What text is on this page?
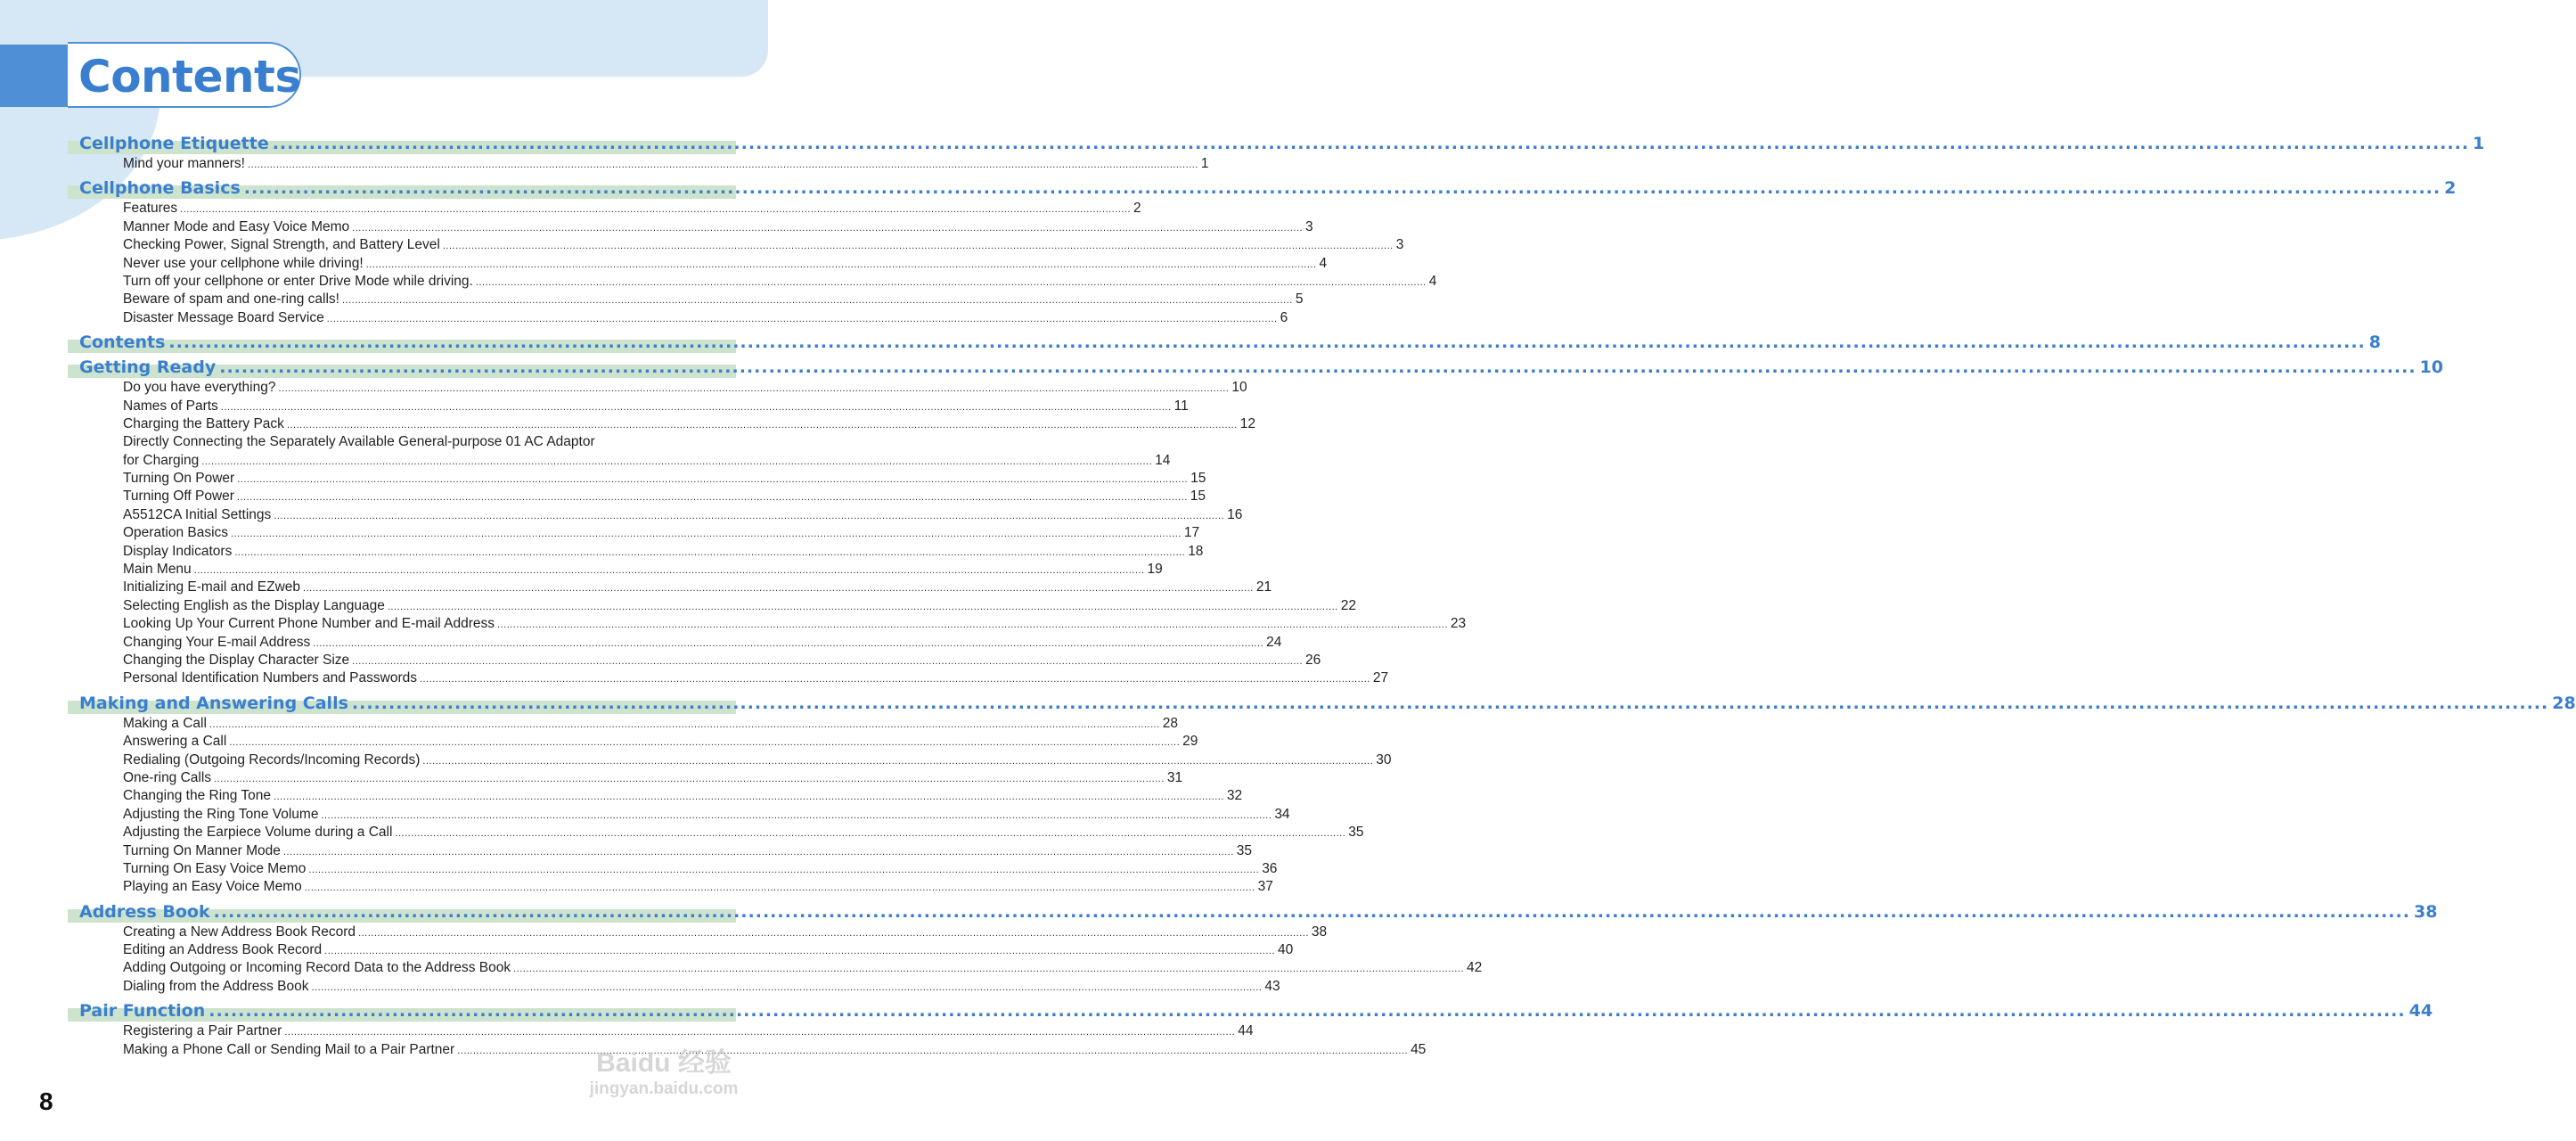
Contents
Cellphone Etiquette ............................................................................................................................................................................................................................................................................................................ 1
Mind your manners! ............................................................................................................................................................................................................................................................................................................ 1
Cellphone Basics ............................................................................................................................................................................................................................................................................................................ 2
Features ............................................................................................................................................................................................................................................................................................................ 2
Manner Mode and Easy Voice Memo ............................................................................................................................................................................................................................................................................................................ 3
Checking Power, Signal Strength, and Battery Level ............................................................................................................................................................................................................................................................................................................ 3
Never use your cellphone while driving! ............................................................................................................................................................................................................................................................................................................ 4
Turn off your cellphone or enter Drive Mode while driving. ............................................................................................................................................................................................................................................................................................................ 4
Beware of spam and one-ring calls! ............................................................................................................................................................................................................................................................................................................ 5
Disaster Message Board Service ............................................................................................................................................................................................................................................................................................................ 6
Contents ............................................................................................................................................................................................................................................................................................................ 8
Getting Ready ............................................................................................................................................................................................................................................................................................................ 10
Do you have everything? ............................................................................................................................................................................................................................................................................................................ 10
Names of Parts ............................................................................................................................................................................................................................................................................................................ 11
Charging the Battery Pack ............................................................................................................................................................................................................................................................................................................ 12
Directly Connecting the Separately Available General-purpose 01 AC Adaptor
for Charging ............................................................................................................................................................................................................................................................................................................ 14
Turning On Power ............................................................................................................................................................................................................................................................................................................ 15
Turning Off Power ............................................................................................................................................................................................................................................................................................................ 15
A5512CA Initial Settings ............................................................................................................................................................................................................................................................................................................ 16
Operation Basics ............................................................................................................................................................................................................................................................................................................ 17
Display Indicators ............................................................................................................................................................................................................................................................................................................ 18
Main Menu ............................................................................................................................................................................................................................................................................................................ 19
Initializing E-mail and EZweb ............................................................................................................................................................................................................................................................................................................ 21
Selecting English as the Display Language ............................................................................................................................................................................................................................................................................................................ 22
Looking Up Your Current Phone Number and E-mail Address ............................................................................................................................................................................................................................................................................................................ 23
Changing Your E-mail Address ............................................................................................................................................................................................................................................................................................................ 24
Changing the Display Character Size ............................................................................................................................................................................................................................................................................................................ 26
Personal Identification Numbers and Passwords ............................................................................................................................................................................................................................................................................................................ 27
Making and Answering Calls ............................................................................................................................................................................................................................................................................................................ 28
Making a Call ............................................................................................................................................................................................................................................................................................................ 28
Answering a Call ............................................................................................................................................................................................................................................................................................................ 29
Redialing (Outgoing Records/Incoming Records) ............................................................................................................................................................................................................................................................................................................ 30
One-ring Calls ............................................................................................................................................................................................................................................................................................................ 31
Changing the Ring Tone ............................................................................................................................................................................................................................................................................................................ 32
Adjusting the Ring Tone Volume ............................................................................................................................................................................................................................................................................................................ 34
Adjusting the Earpiece Volume during a Call ............................................................................................................................................................................................................................................................................................................ 35
Turning On Manner Mode ............................................................................................................................................................................................................................................................................................................ 35
Turning On Easy Voice Memo ............................................................................................................................................................................................................................................................................................................ 36
Playing an Easy Voice Memo ............................................................................................................................................................................................................................................................................................................ 37
Address Book ............................................................................................................................................................................................................................................................................................................ 38
Creating a New Address Book Record ............................................................................................................................................................................................................................................................................................................ 38
Editing an Address Book Record ............................................................................................................................................................................................................................................................................................................ 40
Adding Outgoing or Incoming Record Data to the Address Book ............................................................................................................................................................................................................................................................................................................ 42
Dialing from the Address Book ............................................................................................................................................................................................................................................................................................................ 43
Pair Function ............................................................................................................................................................................................................................................................................................................ 44
Registering a Pair Partner ............................................................................................................................................................................................................................................................................................................ 44
Making a Phone Call or Sending Mail to a Pair Partner ............................................................................................................................................................................................................................................................................................................ 45
8
Baidu 经验
jingyan.baidu.com
